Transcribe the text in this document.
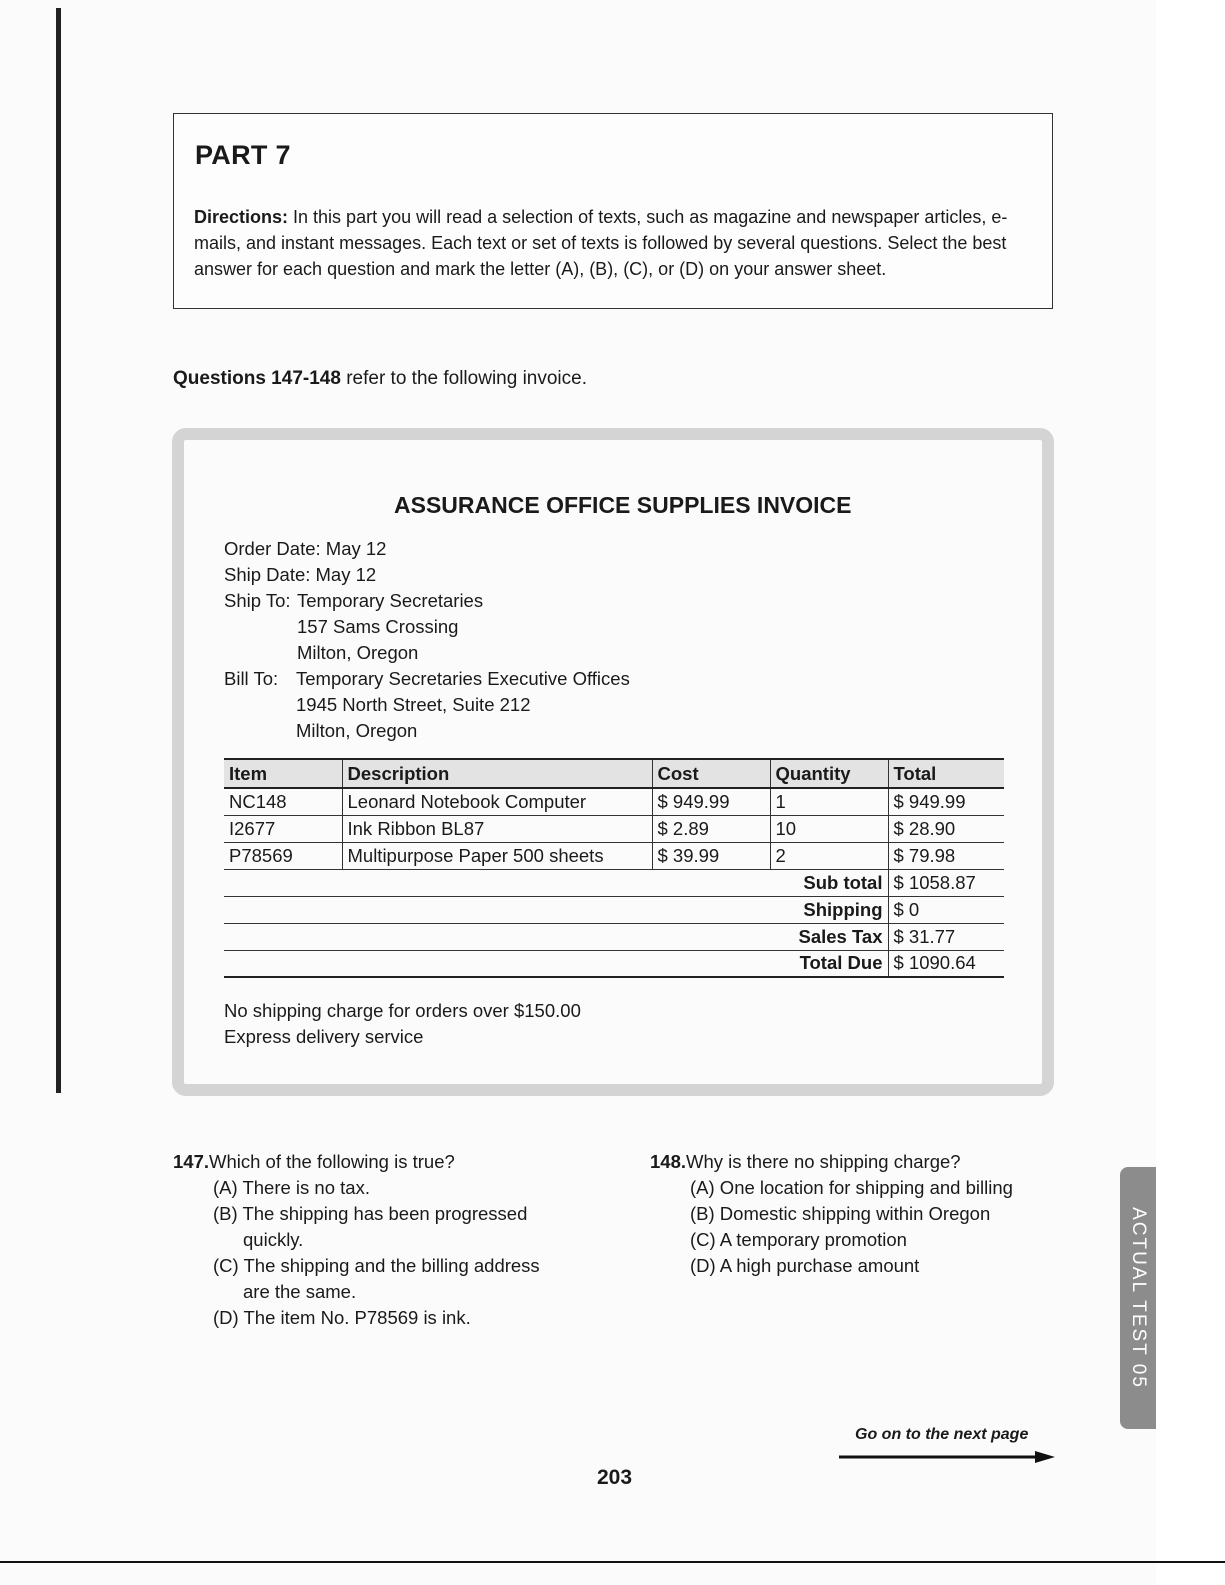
PART 7
Directions: In this part you will read a selection of texts, such as magazine and newspaper articles, e-mails, and instant messages. Each text or set of texts is followed by several questions. Select the best answer for each question and mark the letter (A), (B), (C), or (D) on your answer sheet.
Questions 147-148 refer to the following invoice.
ASSURANCE OFFICE SUPPLIES INVOICE
Order Date: May 12
Ship Date: May 12
Ship To: Temporary Secretaries
157 Sams Crossing
Milton, Oregon
Bill To: Temporary Secretaries Executive Offices
1945 North Street, Suite 212
Milton, Oregon
Item	Description	Cost	Quantity	Total
NC148	Leonard Notebook Computer	$ 949.99	1	$ 949.99
I2677	Ink Ribbon BL87	$ 2.89	10	$ 28.90
P78569	Multipurpose Paper 500 sheets	$ 39.99	2	$ 79.98
Sub total				$ 1058.87
Shipping				$ 0
Sales Tax				$ 31.77
Total Due				$ 1090.64
No shipping charge for orders over $150.00
Express delivery service
147.Which of the following is true?
(A) There is no tax.
(B) The shipping has been progressed
quickly.
(C) The shipping and the billing address
are the same.
(D) The item No. P78569 is ink.
148.Why is there no shipping charge?
(A) One location for shipping and billing
(B) Domestic shipping within Oregon
(C) A temporary promotion
(D) A high purchase amount	ACTUAL TEST 05
Go on to the next page
203
